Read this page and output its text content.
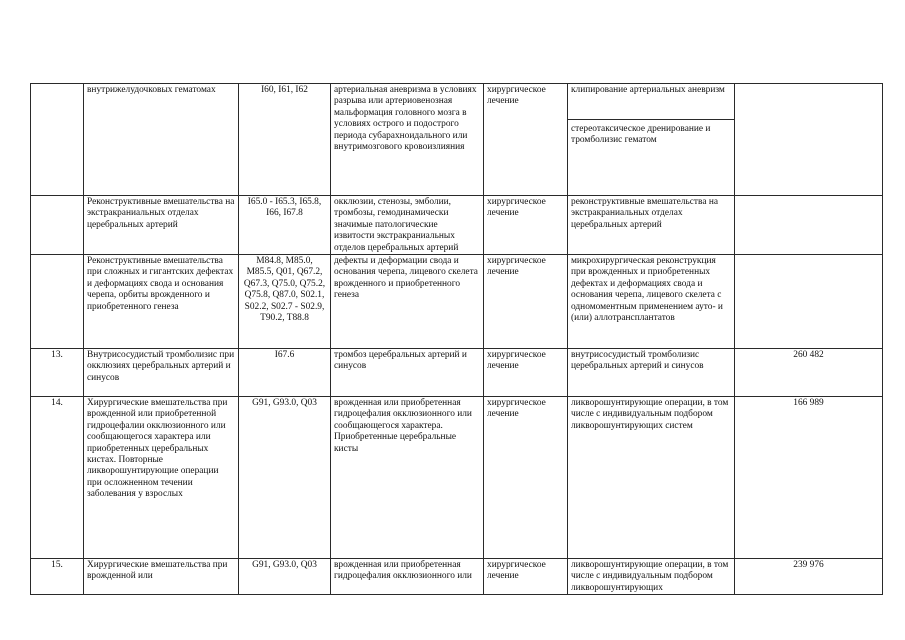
	внутрижелудочковых гематомах	I60, I61, I62	артериальная аневризма в условиях разрыва или артериовенозная мальформация головного мозга в условиях острого и подострого периода субарахноидального или внутримозгового кровоизлияния	хирургическое лечение	клипирование артериальных аневризм
стереотаксическое дренирование и тромболизис гематом	

	Реконструктивные вмешательства на экстракраниальных отделах церебральных артерий	I65.0 - I65.3, I65.8, I66, I67.8	окклюзии, стенозы, эмболии, тромбозы, гемодинамически значимые патологические извитости экстракраниальных отделов церебральных артерий	хирургическое лечение	реконструктивные вмешательства на экстракраниальных отделах церебральных артерий	
	Реконструктивные вмешательства при сложных и гигантских дефектах и деформациях свода и основания черепа, орбиты врожденного и приобретенного генеза	M84.8, M85.0, M85.5, Q01, Q67.2, Q67.3, Q75.0, Q75.2, Q75.8, Q87.0, S02.1, S02.2, S02.7 - S02.9, T90.2, T88.8	дефекты и деформации свода и основания черепа, лицевого скелета врожденного и приобретенного генеза	хирургическое лечение	микрохирургическая реконструкция при врожденных и приобретенных дефектах и деформациях свода и основания черепа, лицевого скелета с одномоментным применением ауто- и (или) аллотрансплантатов	
13.	Внутрисосудистый тромболизис при окклюзиях церебральных артерий и синусов	I67.6	тромбоз церебральных артерий и синусов	хирургическое лечение	внутрисосудистый тромболизис церебральных артерий и синусов	260 482
14.	Хирургические вмешательства при врожденной или приобретенной гидроцефалии окклюзионного или сообщающегося характера или приобретенных церебральных кистах. Повторные ликворошунтирующие операции при осложненном течении заболевания у взрослых	G91, G93.0, Q03	врожденная или приобретенная гидроцефалия окклюзионного или сообщающегося характера. Приобретенные церебральные кисты	хирургическое лечение	ликворошунтирующие операции, в том числе с индивидуальным подбором ликворошунтирующих систем	166 989
15.	Хирургические вмешательства при врожденной или	G91, G93.0, Q03	врожденная или приобретенная гидроцефалия окклюзионного или	хирургическое лечение	ликворошунтирующие операции, в том числе с индивидуальным подбором ликворошунтирующих	239 976
